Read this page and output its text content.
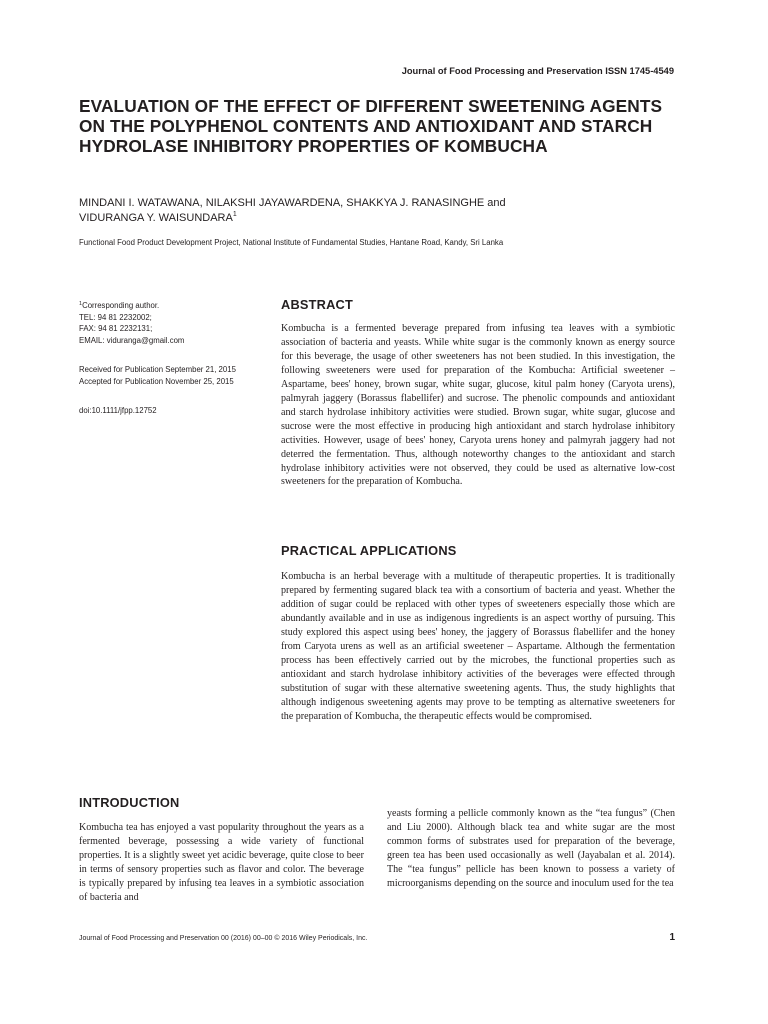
Journal of Food Processing and Preservation ISSN 1745-4549
EVALUATION OF THE EFFECT OF DIFFERENT SWEETENING AGENTS ON THE POLYPHENOL CONTENTS AND ANTIOXIDANT AND STARCH HYDROLASE INHIBITORY PROPERTIES OF KOMBUCHA
MINDANI I. WATAWANA, NILAKSHI JAYAWARDENA, SHAKKYA J. RANASINGHE and
VIDURANGA Y. WAISUNDARA$^1$
Functional Food Product Development Project, National Institute of Fundamental Studies, Hantane Road, Kandy, Sri Lanka
$^1$Corresponding author.
TEL: 94 81 2232002;
FAX: 94 81 2232131;
EMAIL: viduranga@gmail.com
Received for Publication September 21, 2015
Accepted for Publication November 25, 2015
doi:10.1111/jfpp.12752
ABSTRACT

Kombucha is a fermented beverage prepared from infusing tea leaves with a symbiotic association of bacteria and yeasts. While white sugar is the commonly known as energy source for this beverage, the usage of other sweeteners has not been studied. In this investigation, the following sweeteners were used for preparation of the Kombucha: Artificial sweetener – Aspartame, bees' honey, brown sugar, white sugar, glucose, kitul palm honey (Caryota urens), palmyrah jaggery (Borassus flabellifer) and sucrose. The phenolic compounds and antioxidant and starch hydrolase inhibitory activities were studied. Brown sugar, white sugar, glucose and sucrose were the most effective in producing high antioxidant and starch hydrolase inhibitory activities. However, usage of bees' honey, Caryota urens honey and palmyrah jaggery had not deterred the fermentation. Thus, although noteworthy changes to the antioxidant and starch hydrolase inhibitory activities were not observed, they could be used as alternative low-cost sweeteners for the preparation of Kombucha.

PRACTICAL APPLICATIONS

Kombucha is an herbal beverage with a multitude of therapeutic properties. It is traditionally prepared by fermenting sugared black tea with a consortium of bacteria and yeast. Whether the addition of sugar could be replaced with other types of sweeteners especially those which are abundantly available and in use as indigenous ingredients is an aspect worthy of pursuing. This study explored this aspect using bees' honey, the jaggery of Borassus flabellifer and the honey from Caryota urens as well as an artificial sweetener – Aspartame. Although the fermentation process has been effectively carried out by the microbes, the functional properties such as antioxidant and starch hydrolase inhibitory activities of the beverages were effected through substitution of sugar with these alternative sweetening agents. Thus, the study highlights that although indigenous sweetening agents may prove to be tempting as alternative sweeteners for the preparation of Kombucha, the therapeutic effects would be compromised.

INTRODUCTION

Kombucha tea has enjoyed a vast popularity throughout the years as a fermented beverage, possessing a wide variety of functional properties. It is a slightly sweet yet acidic beverage, quite close to beer in terms of sensory properties such as flavor and color. The beverage is typically prepared by infusing tea leaves in a symbiotic association of bacteria and

yeasts forming a pellicle commonly known as the “tea fungus” (Chen and Liu 2000). Although black tea and white sugar are the most common forms of substrates used for preparation of the beverage, green tea has been used occasionally as well (Jayabalan et al. 2014). The “tea fungus” pellicle has been known to possess a variety of microorganisms depending on the source and inoculum used for the tea

Journal of Food Processing and Preservation 00 (2016) 00–00 © 2016 Wiley Periodicals, Inc.	1
